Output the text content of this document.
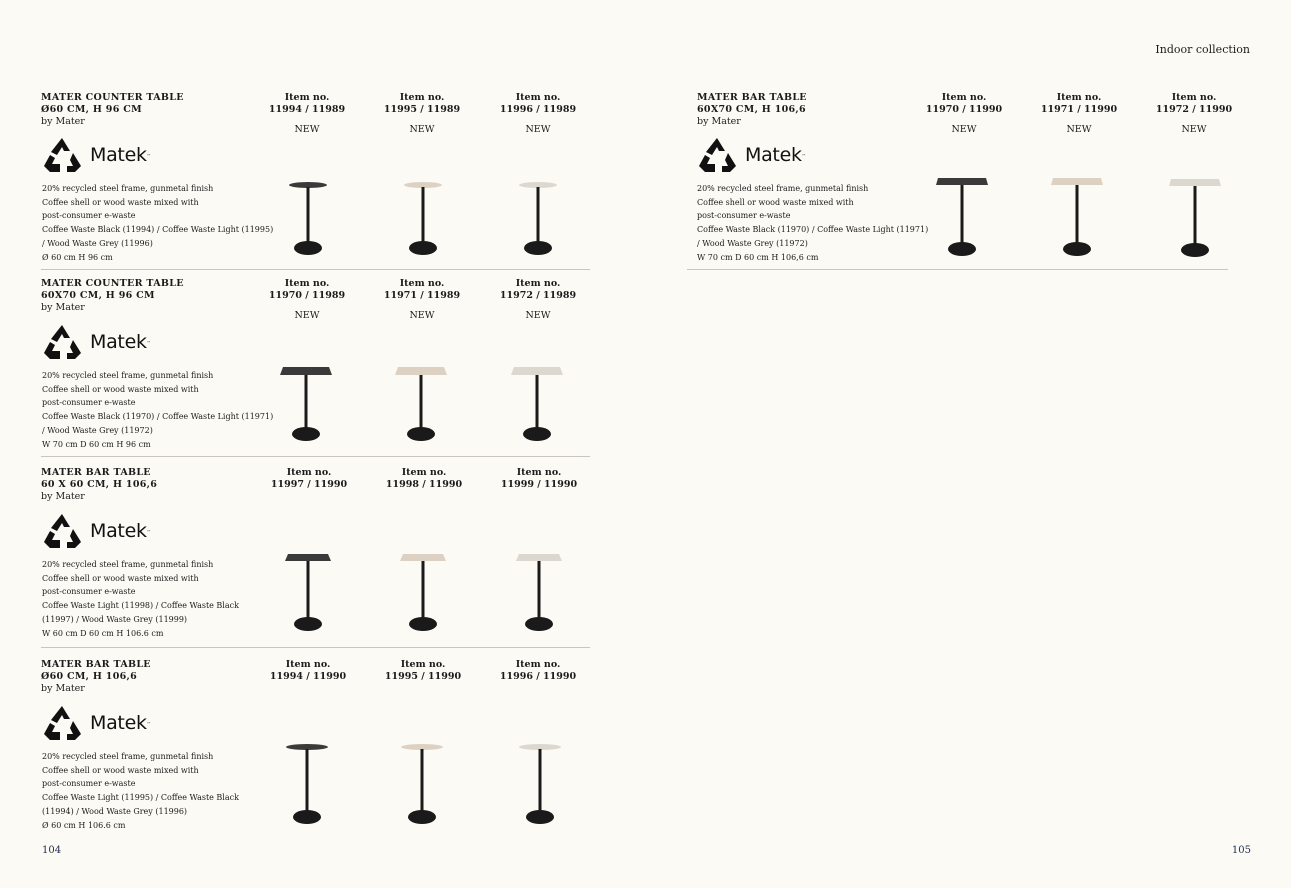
Indoor collection
MATER COUNTER TABLE
Ø60 CM, H 96 CM
by Mater
Matek ™
20% recycled steel frame, gunmetal finish
Coffee shell or wood waste mixed with
post-consumer e-waste
Coffee Waste Black (11994) / Coffee Waste Light (11995)
/ Wood Waste Grey (11996)
Ø 60 cm H 96 cm
Item no.
11994 / 11989
NEW
Item no.
11995 / 11989
NEW
Item no.
11996 / 11989
NEW
MATER COUNTER TABLE
60X70 CM, H 96 CM
by Mater
Matek ™
20% recycled steel frame, gunmetal finish
Coffee shell or wood waste mixed with
post-consumer e-waste
Coffee Waste Black (11970) / Coffee Waste Light (11971)
/ Wood Waste Grey (11972)
W 70 cm D 60 cm H 96 cm
Item no.
11970 / 11989
NEW
Item no.
11971 / 11989
NEW
Item no.
11972 / 11989
NEW
MATER BAR TABLE
60 X 60 CM, H 106,6
by Mater
Matek ™
20% recycled steel frame, gunmetal finish
Coffee shell or wood waste mixed with
post-consumer e-waste
Coffee Waste Light (11998) / Coffee Waste Black
(11997) / Wood Waste Grey (11999)
W 60 cm D 60 cm H 106.6 cm
Item no.
11997 / 11990
Item no.
11998 / 11990
Item no.
11999 / 11990
MATER BAR TABLE
Ø60 CM, H 106,6
by Mater
Matek ™
20% recycled steel frame, gunmetal finish
Coffee shell or wood waste mixed with
post-consumer e-waste
Coffee Waste Light (11995) / Coffee Waste Black
(11994) / Wood Waste Grey (11996)
Ø 60 cm H 106.6 cm
Item no.
11994 / 11990
Item no.
11995 / 11990
Item no.
11996 / 11990
MATER BAR TABLE
60X70 CM, H 106,6
by Mater
Matek ™
20% recycled steel frame, gunmetal finish
Coffee shell or wood waste mixed with
post-consumer e-waste
Coffee Waste Black (11970) / Coffee Waste Light (11971)
/ Wood Waste Grey (11972)
W 70 cm D 60 cm H 106,6 cm
Item no.
11970 / 11990
NEW
Item no.
11971 / 11990
NEW
Item no.
11972 / 11990
NEW
104	105
